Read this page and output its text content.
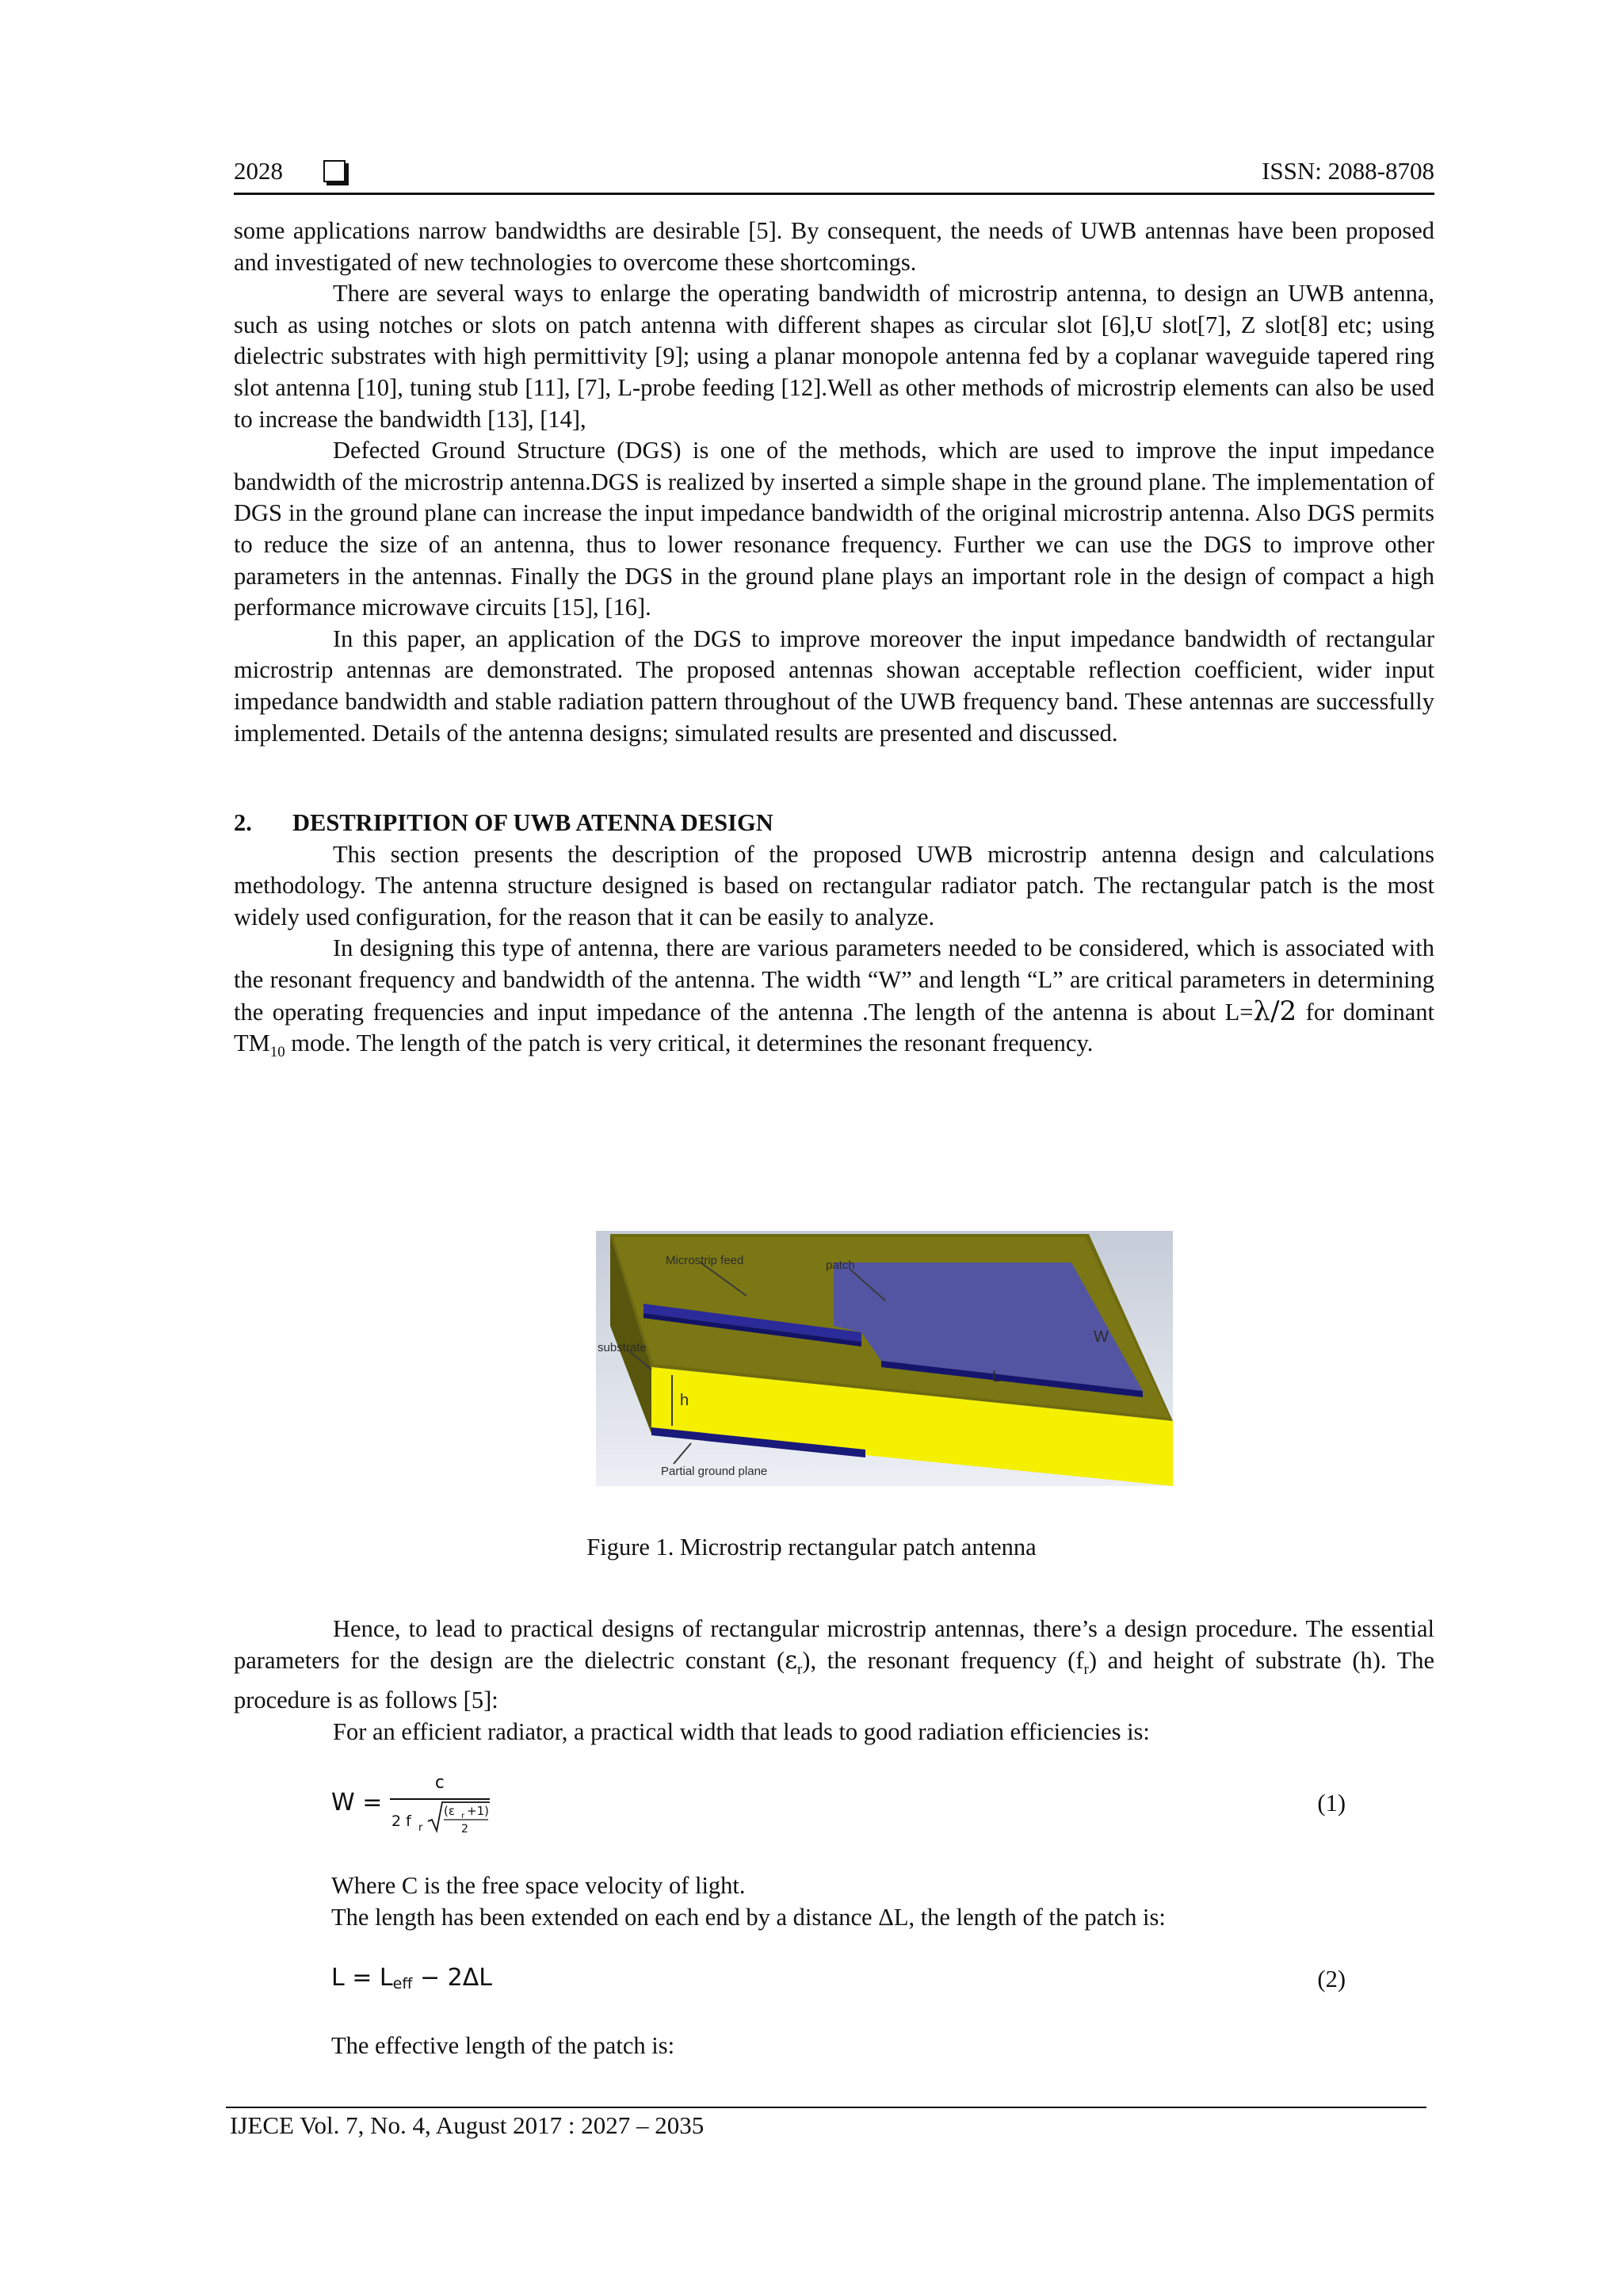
2028	ISSN: 2088-8708

some applications narrow bandwidths are desirable [5]. By consequent, the needs of UWB antennas have been proposed and investigated of new technologies to overcome these shortcomings.

There are several ways to enlarge the operating bandwidth of microstrip antenna, to design an UWB antenna, such as using notches or slots on patch antenna with different shapes as circular slot [6],U slot[7], Z slot[8] etc; using dielectric substrates with high permittivity [9]; using a planar monopole antenna fed by a coplanar waveguide tapered ring slot antenna [10], tuning stub [11], [7], L-probe feeding [12].Well as other methods of microstrip elements can also be used to increase the bandwidth [13], [14],

Defected Ground Structure (DGS) is one of the methods, which are used to improve the input impedance bandwidth of the microstrip antenna.DGS is realized by inserted a simple shape in the ground plane. The implementation of DGS in the ground plane can increase the input impedance bandwidth of the original microstrip antenna. Also DGS permits to reduce the size of an antenna, thus to lower resonance frequency. Further we can use the DGS to improve other parameters in the antennas. Finally the DGS in the ground plane plays an important role in the design of compact a high performance microwave circuits [15], [16].

In this paper, an application of the DGS to improve moreover the input impedance bandwidth of rectangular microstrip antennas are demonstrated. The proposed antennas showan acceptable reflection coefficient, wider input impedance bandwidth and stable radiation pattern throughout of the UWB frequency band. These antennas are successfully implemented. Details of the antenna designs; simulated results are presented and discussed.

2. DESTRIPITION OF UWB ATENNA DESIGN

This section presents the description of the proposed UWB microstrip antenna design and calculations methodology. The antenna structure designed is based on rectangular radiator patch. The rectangular patch is the most widely used configuration, for the reason that it can be easily to analyze.

In designing this type of antenna, there are various parameters needed to be considered, which is associated with the resonant frequency and bandwidth of the antenna. The width “W” and length “L” are critical parameters in determining the operating frequencies and input impedance of the antenna .The length of the antenna is about L=λ/2 for dominant $TM_{10}$ mode. The length of the patch is very critical, it determines the resonant frequency.

Microstrip feed	patch
substrate
W
L
h
Partial ground plane
Figure 1. Microstrip rectangular patch antenna

Hence, to lead to practical designs of rectangular microstrip antennas, there’s a design procedure. The essential parameters for the design are the dielectric constant $(\varepsilon_r)$, the resonant frequency $(f_r)$ and height of substrate (h). The procedure is as follows [5]:

For an efficient radiator, a practical width that leads to good radiation efficiencies is:

W =
c
2 f r
(ε r +1)
2
(1)
Where C is the free space velocity of light.
The length has been extended on each end by a distance ΔL, the length of the patch is:
$L = L_{eff} - 2\Delta L$	(2)
The effective length of the patch is:
IJECE Vol. 7, No. 4, August 2017 : 2027 – 2035
